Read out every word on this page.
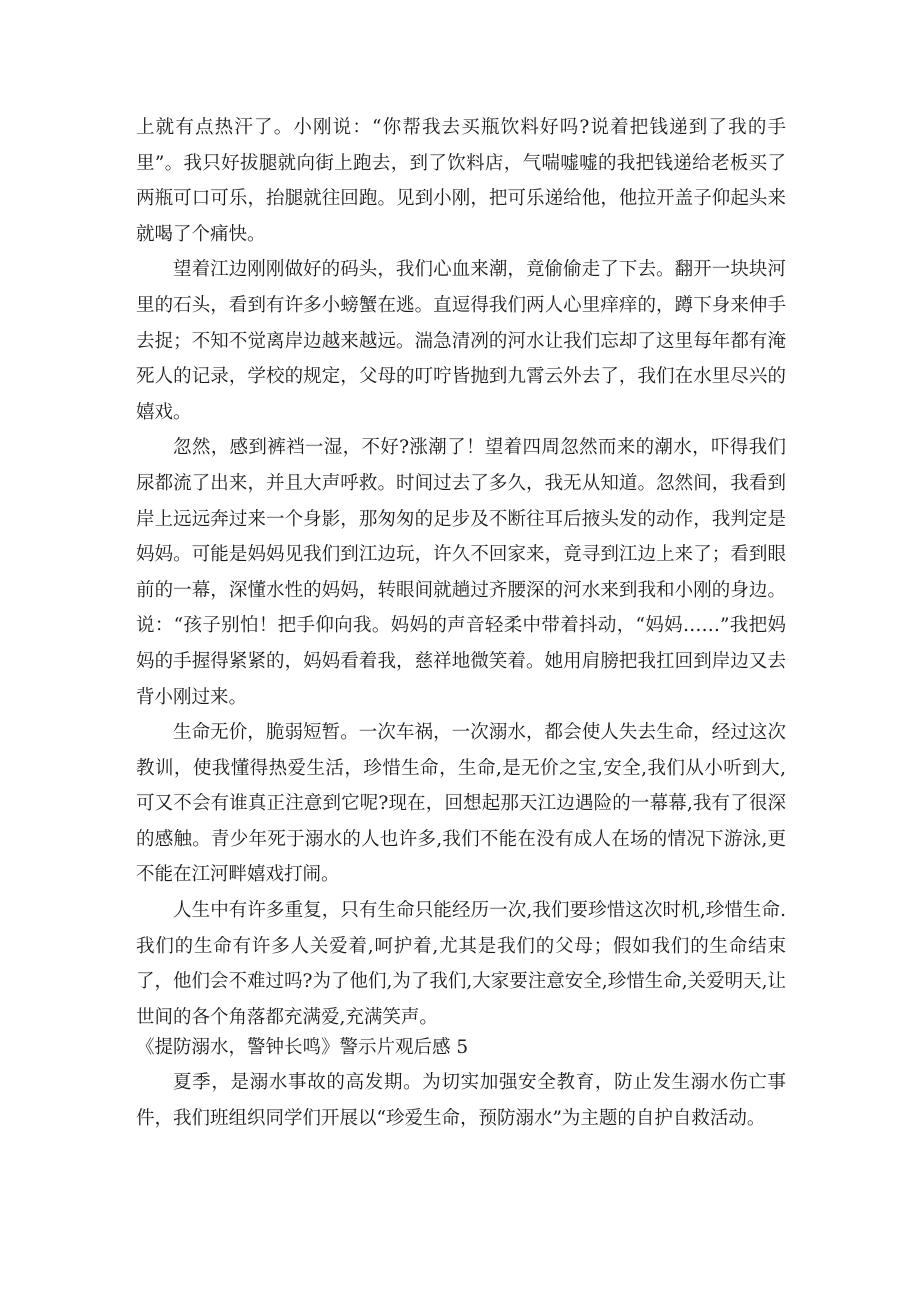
上就有点热汗了。小刚说：“你帮我去买瓶饮料好吗?说着把钱递到了我的手里”。我只好拔腿就向街上跑去，到了饮料店，气喘嘘嘘的我把钱递给老板买了两瓶可口可乐，抬腿就往回跑。见到小刚，把可乐递给他，他拉开盖子仰起头来就喝了个痛快。

望着江边刚刚做好的码头，我们心血来潮，竟偷偷走了下去。翻开一块块河里的石头，看到有许多小螃蟹在逃。直逗得我们两人心里痒痒的，蹲下身来伸手去捉；不知不觉离岸边越来越远。湍急清冽的河水让我们忘却了这里每年都有淹死人的记录，学校的规定，父母的叮咛皆抛到九霄云外去了，我们在水里尽兴的嬉戏。

忽然，感到裤裆一湿，不好?涨潮了！望着四周忽然而来的潮水，吓得我们尿都流了出来，并且大声呼救。时间过去了多久，我无从知道。忽然间，我看到岸上远远奔过来一个身影，那匆匆的足步及不断往耳后掖头发的动作，我判定是妈妈。可能是妈妈见我们到江边玩，许久不回家来，竟寻到江边上来了；看到眼前的一幕，深懂水性的妈妈，转眼间就趟过齐腰深的河水来到我和小刚的身边。说：“孩子别怕！把手仰向我。妈妈的声音轻柔中带着抖动，“妈妈……”我把妈妈的手握得紧紧的，妈妈看着我，慈祥地微笑着。她用肩膀把我扛回到岸边又去背小刚过来。

生命无价，脆弱短暂。一次车祸，一次溺水，都会使人失去生命，经过这次教训，使我懂得热爱生活，珍惜生命，生命,是无价之宝,安全,我们从小听到大,可又不会有谁真正注意到它呢?现在，回想起那天江边遇险的一幕幕,我有了很深的感触。青少年死于溺水的人也许多,我们不能在没有成人在场的情况下游泳,更不能在江河畔嬉戏打闹。

人生中有许多重复，只有生命只能经历一次,我们要珍惜这次时机,珍惜生命.我们的生命有许多人关爱着,呵护着,尤其是我们的父母；假如我们的生命结束了，他们会不难过吗?为了他们,为了我们,大家要注意安全,珍惜生命,关爱明天,让世间的各个角落都充满爱,充满笑声。

《提防溺水，警钟长鸣》警示片观后感 5

夏季，是溺水事故的高发期。为切实加强安全教育，防止发生溺水伤亡事件，我们班组织同学们开展以“珍爱生命，预防溺水”为主题的自护自救活动。
